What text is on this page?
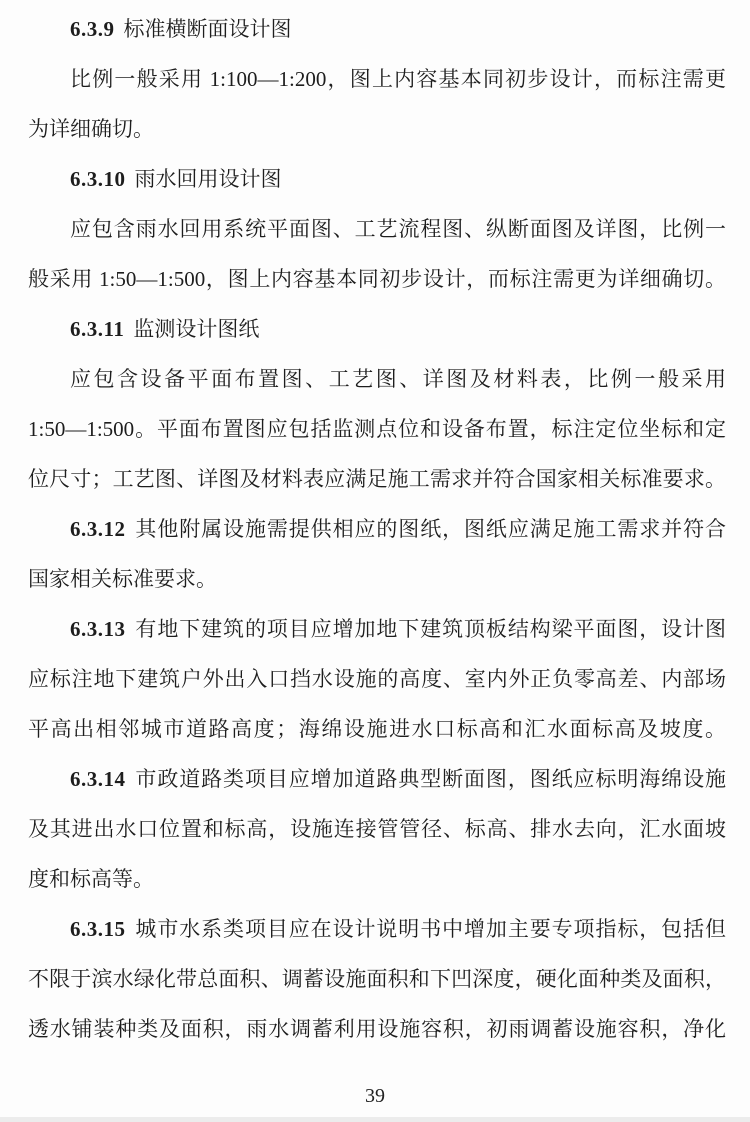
6.3.9 标准横断面设计图
比例一般采用 1:100—1:200，图上内容基本同初步设计，而标注需更
为详细确切。
6.3.10 雨水回用设计图
应包含雨水回用系统平面图、工艺流程图、纵断面图及详图，比例一
般采用 1:50—1:500，图上内容基本同初步设计，而标注需更为详细确切。
6.3.11 监测设计图纸
应包含设备平面布置图、工艺图、详图及材料表，比例一般采用
1:50—1:500。平面布置图应包括监测点位和设备布置，标注定位坐标和定
位尺寸；工艺图、详图及材料表应满足施工需求并符合国家相关标准要求。
6.3.12 其他附属设施需提供相应的图纸，图纸应满足施工需求并符合
国家相关标准要求。
6.3.13 有地下建筑的项目应增加地下建筑顶板结构梁平面图，设计图
应标注地下建筑户外出入口挡水设施的高度、室内外正负零高差、内部场
平高出相邻城市道路高度；海绵设施进水口标高和汇水面标高及坡度。
6.3.14 市政道路类项目应增加道路典型断面图，图纸应标明海绵设施
及其进出水口位置和标高，设施连接管管径、标高、排水去向，汇水面坡
度和标高等。
6.3.15 城市水系类项目应在设计说明书中增加主要专项指标，包括但
不限于滨水绿化带总面积、调蓄设施面积和下凹深度，硬化面种类及面积，
透水铺装种类及面积，雨水调蓄利用设施容积，初雨调蓄设施容积，净化
39
